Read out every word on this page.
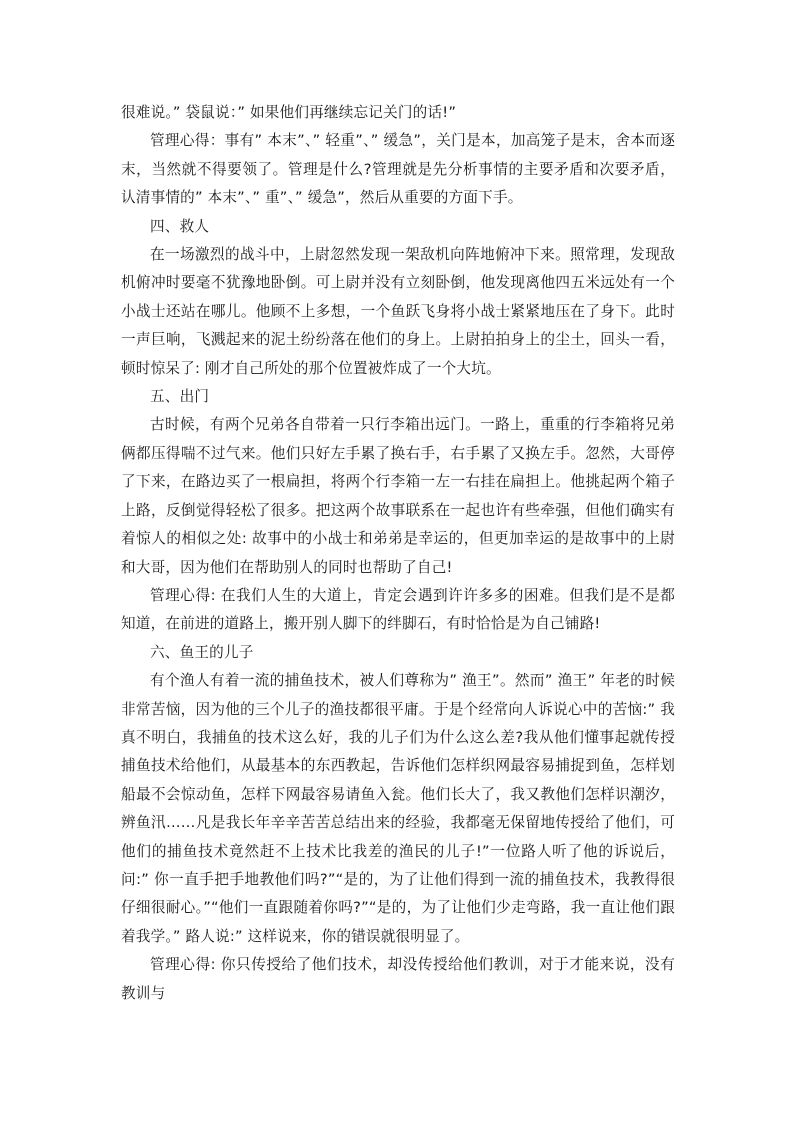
很难说。” 袋鼠说：” 如果他们再继续忘记关门的话!”

管理心得：事有” 本末”、” 轻重”、” 缓急”，关门是本，加高笼子是末，舍本而逐末，当然就不得要领了。管理是什么?管理就是先分析事情的主要矛盾和次要矛盾，认清事情的” 本末”、” 重”、” 缓急”，然后从重要的方面下手。

四、救人

在一场激烈的战斗中，上尉忽然发现一架敌机向阵地俯冲下来。照常理，发现敌机俯冲时要毫不犹豫地卧倒。可上尉并没有立刻卧倒，他发现离他四五米远处有一个小战士还站在哪儿。他顾不上多想，一个鱼跃飞身将小战士紧紧地压在了身下。此时一声巨响，飞溅起来的泥土纷纷落在他们的身上。上尉拍拍身上的尘土，回头一看，顿时惊呆了: 刚才自己所处的那个位置被炸成了一个大坑。

五、出门

古时候，有两个兄弟各自带着一只行李箱出远门。一路上，重重的行李箱将兄弟俩都压得喘不过气来。他们只好左手累了换右手，右手累了又换左手。忽然，大哥停了下来，在路边买了一根扁担，将两个行李箱一左一右挂在扁担上。他挑起两个箱子上路，反倒觉得轻松了很多。把这两个故事联系在一起也许有些牵强，但他们确实有着惊人的相似之处: 故事中的小战士和弟弟是幸运的，但更加幸运的是故事中的上尉和大哥，因为他们在帮助别人的同时也帮助了自己!

管理心得: 在我们人生的大道上，肯定会遇到许许多多的困难。但我们是不是都知道，在前进的道路上，搬开别人脚下的绊脚石，有时恰恰是为自己铺路!

六、鱼王的儿子

有个渔人有着一流的捕鱼技术，被人们尊称为” 渔王”。然而” 渔王” 年老的时候非常苦恼，因为他的三个儿子的渔技都很平庸。于是个经常向人诉说心中的苦恼:” 我真不明白，我捕鱼的技术这么好，我的儿子们为什么这么差?我从他们懂事起就传授捕鱼技术给他们，从最基本的东西教起，告诉他们怎样织网最容易捕捉到鱼，怎样划船最不会惊动鱼，怎样下网最容易请鱼入瓮。他们长大了，我又教他们怎样识潮汐，辨鱼汛……凡是我长年辛辛苦苦总结出来的经验，我都毫无保留地传授给了他们，可他们的捕鱼技术竟然赶不上技术比我差的渔民的儿子!”一位路人听了他的诉说后，问:” 你一直手把手地教他们吗?”“是的，为了让他们得到一流的捕鱼技术，我教得很仔细很耐心。”“他们一直跟随着你吗?”“是的，为了让他们少走弯路，我一直让他们跟着我学。” 路人说:” 这样说来，你的错误就很明显了。

管理心得: 你只传授给了他们技术，却没传授给他们教训，对于才能来说，没有教训与
